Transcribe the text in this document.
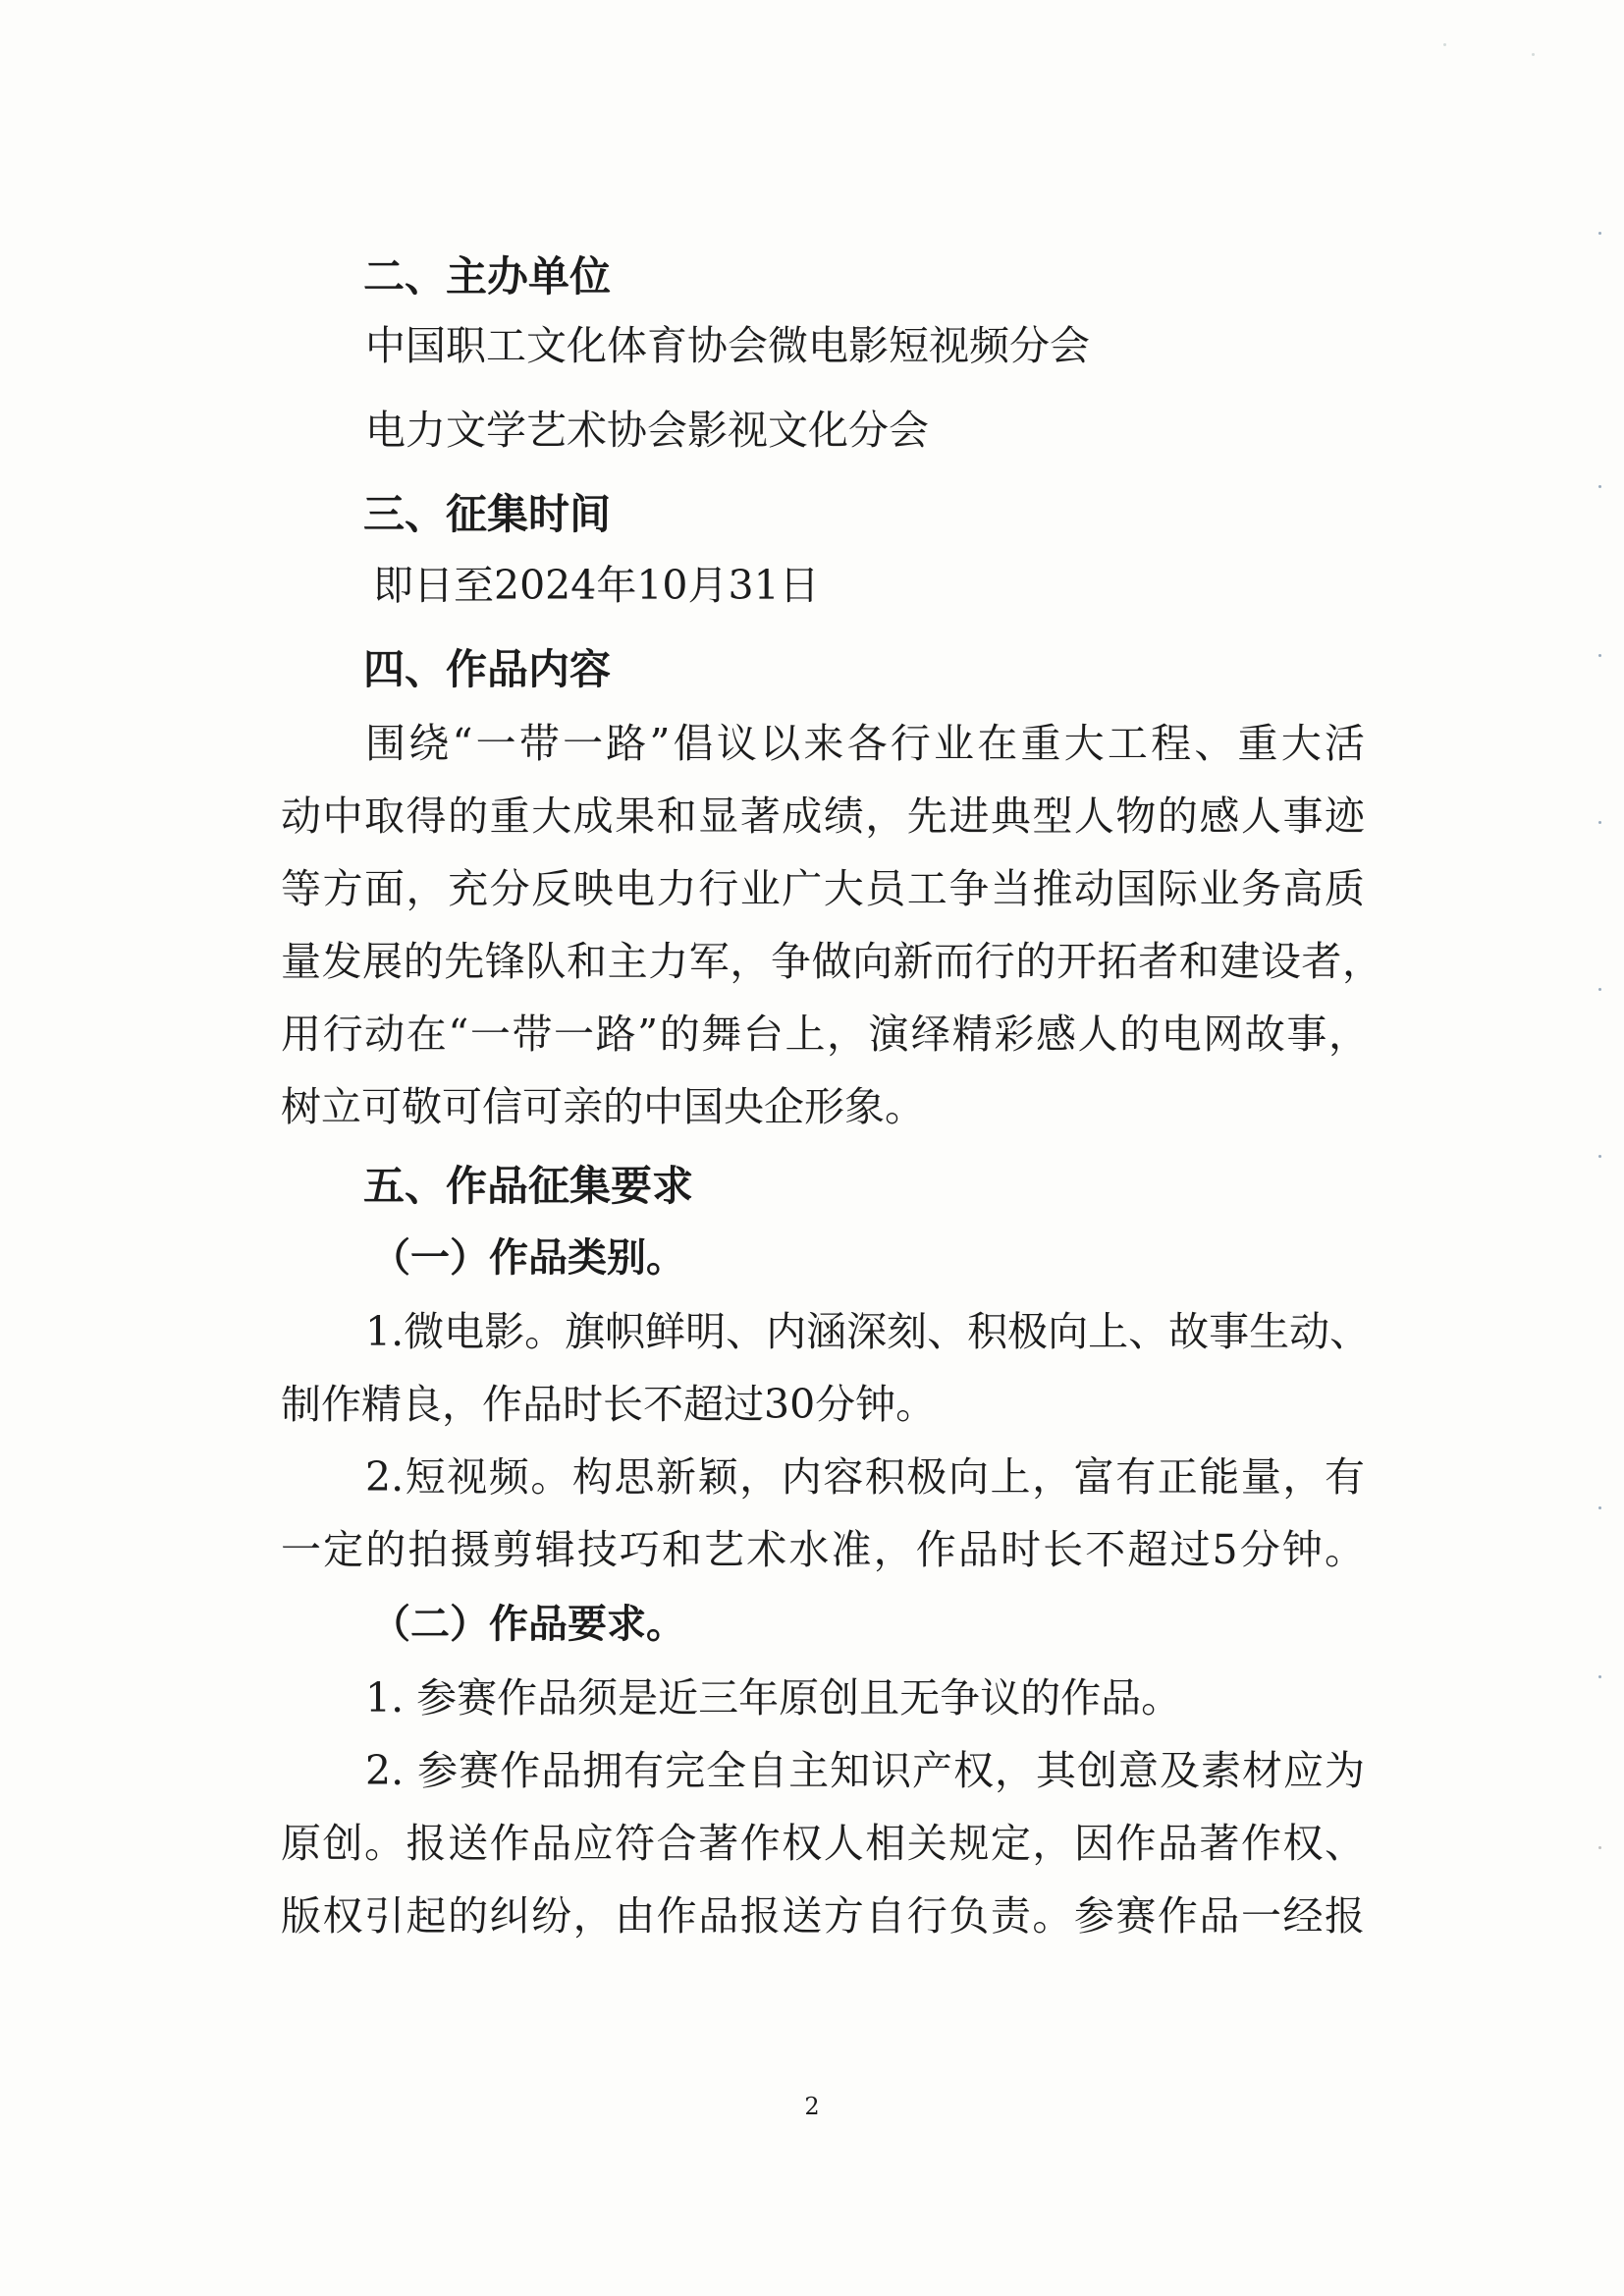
二、主办单位
中国职工文化体育协会微电影短视频分会
电力文学艺术协会影视文化分会
三、征集时间
即日至2024年10月31日
四、作品内容
围绕“一带一路”倡议以来各行业在重大工程、重大活
动中取得的重大成果和显著成绩，先进典型人物的感人事迹
等方面，充分反映电力行业广大员工争当推动国际业务高质
量发展的先锋队和主力军，争做向新而行的开拓者和建设者，
用行动在“一带一路”的舞台上，演绎精彩感人的电网故事，
树立可敬可信可亲的中国央企形象。
五、作品征集要求
（一）作品类别。
1.微电影。旗帜鲜明、内涵深刻、积极向上、故事生动、
制作精良，作品时长不超过30分钟。
2.短视频。构思新颖，内容积极向上，富有正能量，有
一定的拍摄剪辑技巧和艺术水准，作品时长不超过5分钟。
（二）作品要求。
1. 参赛作品须是近三年原创且无争议的作品。
2. 参赛作品拥有完全自主知识产权，其创意及素材应为
原创。报送作品应符合著作权人相关规定，因作品著作权、
版权引起的纠纷，由作品报送方自行负责。参赛作品一经报
2
